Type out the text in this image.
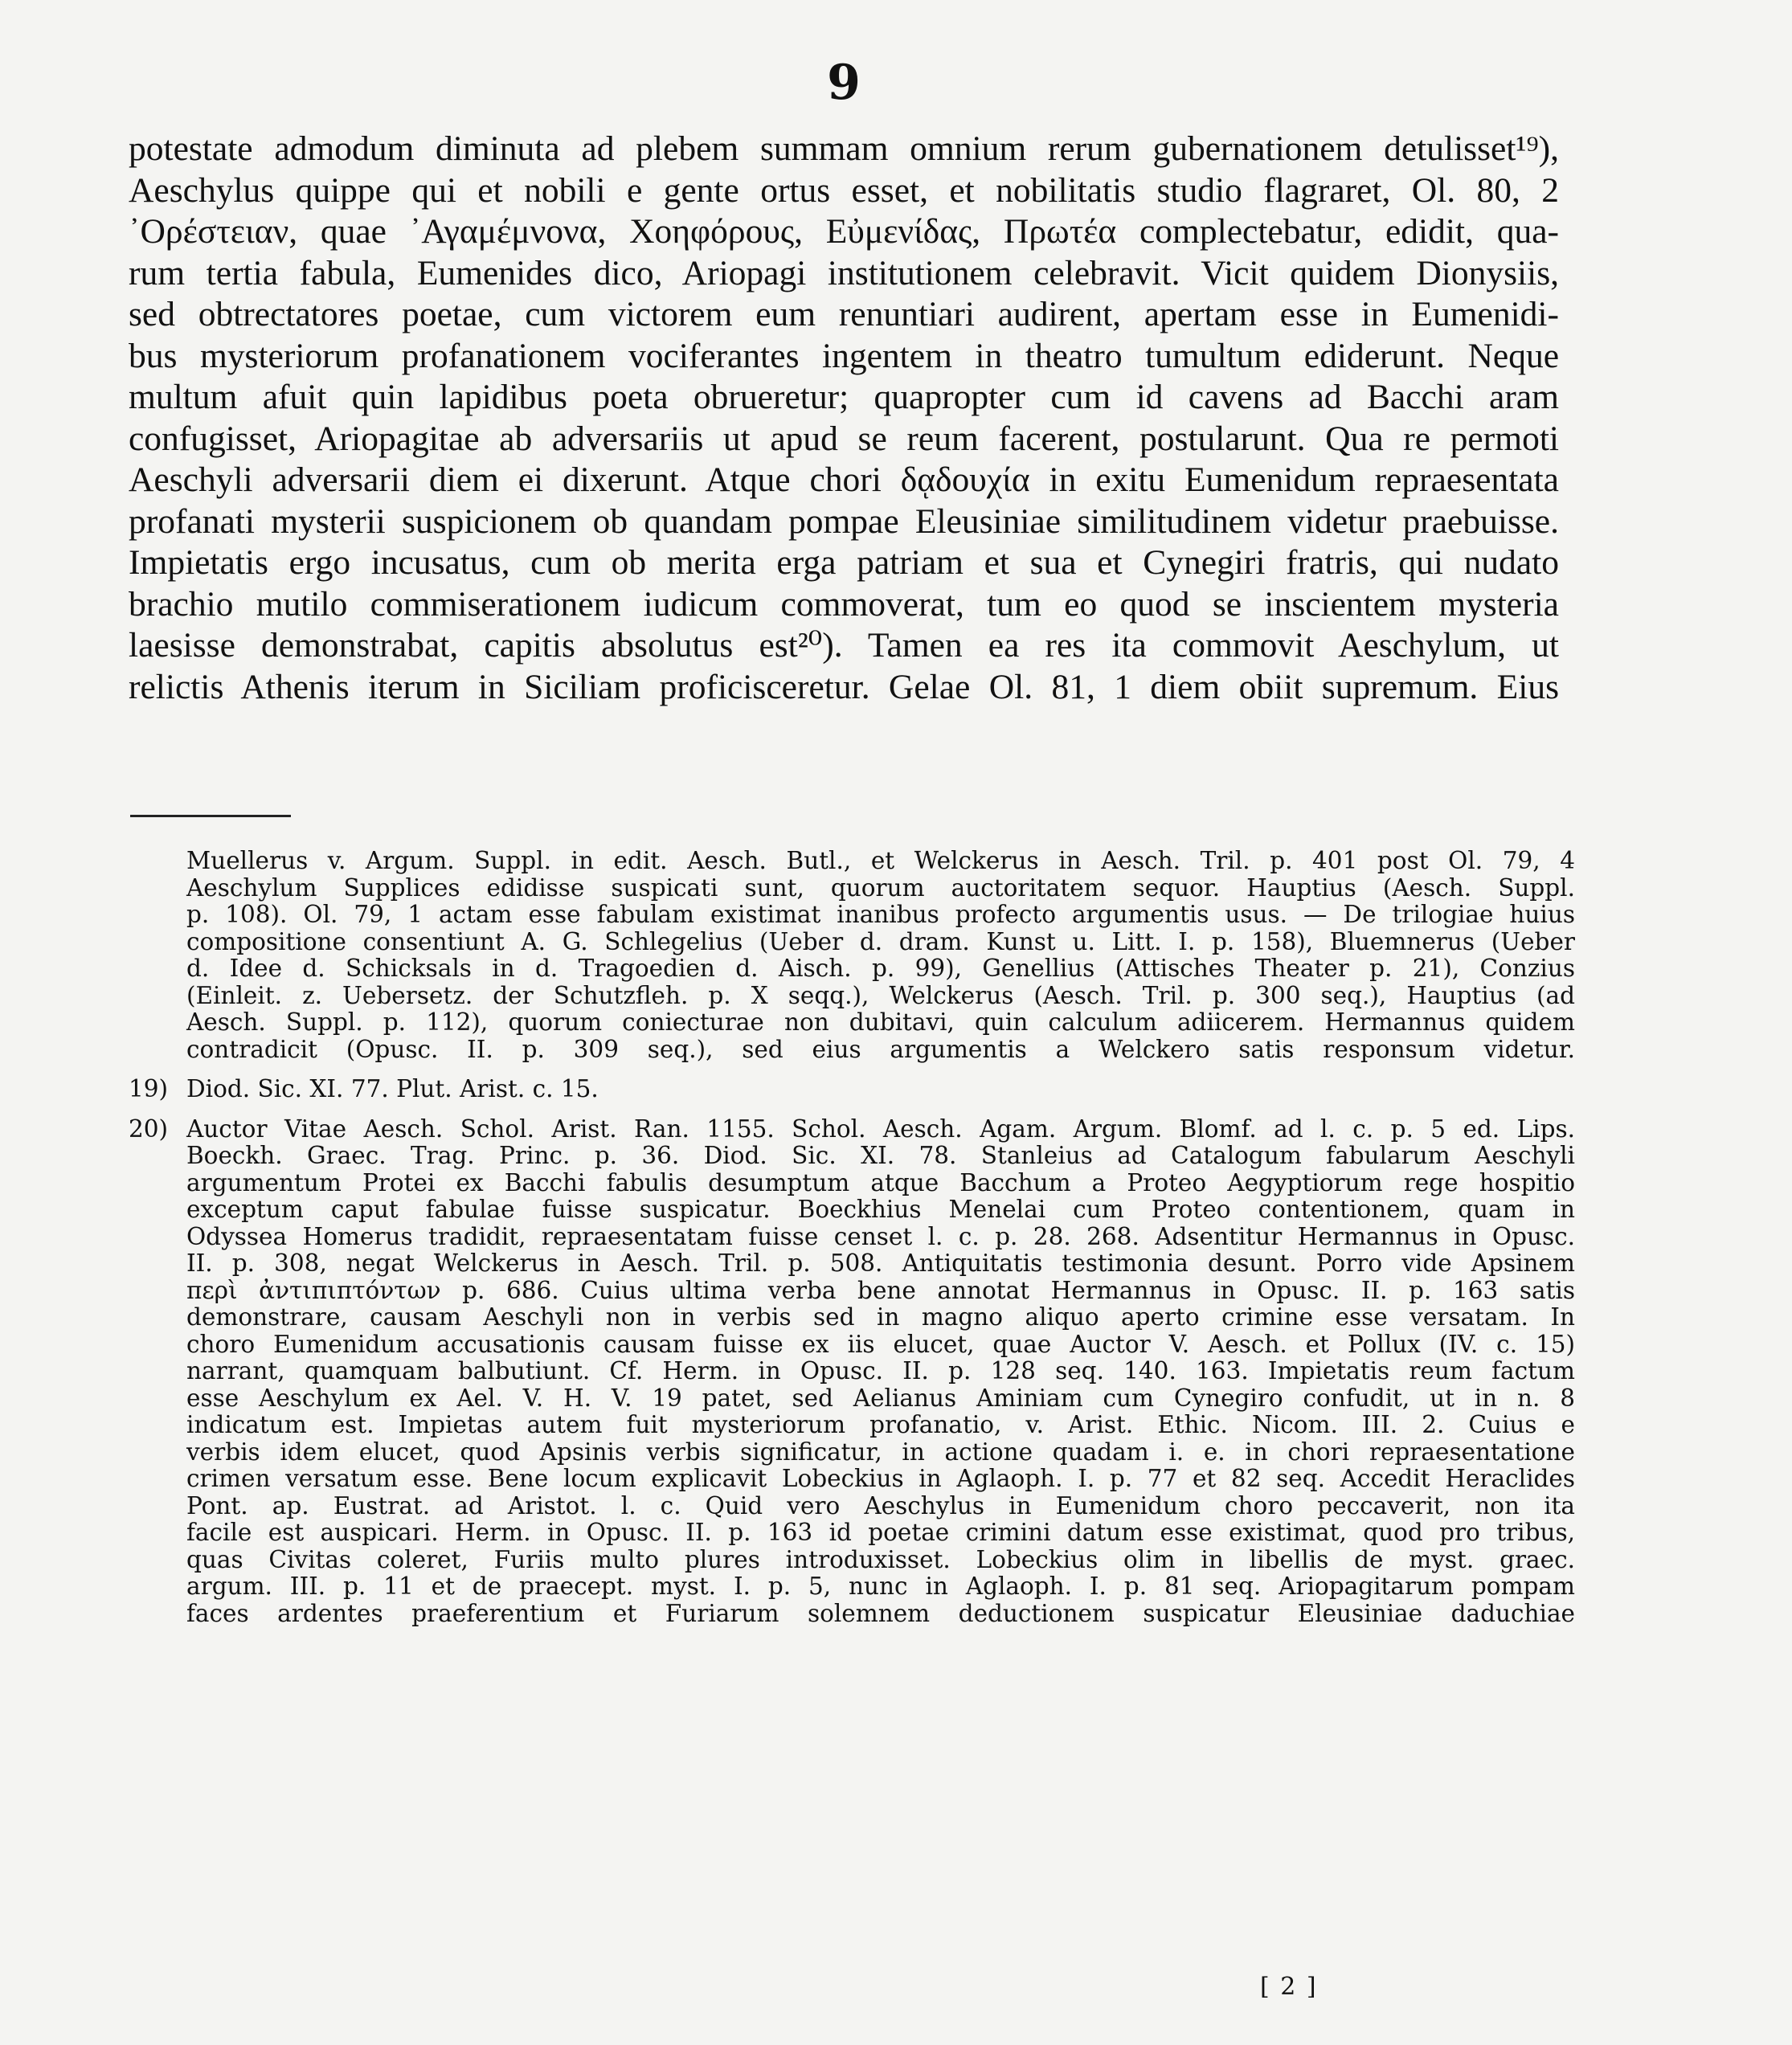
9
potestate admodum diminuta ad plebem summam omnium rerum gubernationem detulisset¹⁹),
Aeschylus quippe qui et nobili e gente ortus esset, et nobilitatis studio flagraret, Ol. 80, 2
᾿Ορέστειαν, quae ᾿Αγαμέμνονα, Χοηφόρους, Εὐμενίδας, Πρωτέα complectebatur, edidit, qua-
rum tertia fabula, Eumenides dico, Ariopagi institutionem celebravit. Vicit quidem Dionysiis,
sed obtrectatores poetae, cum victorem eum renuntiari audirent, apertam esse in Eumenidi-
bus mysteriorum profanationem vociferantes ingentem in theatro tumultum ediderunt. Neque
multum afuit quin lapidibus poeta obrueretur; quapropter cum id cavens ad Bacchi aram
confugisset, Ariopagitae ab adversariis ut apud se reum facerent, postularunt. Qua re permoti
Aeschyli adversarii diem ei dixerunt. Atque chori δᾳδουχία in exitu Eumenidum repraesentata
profanati mysterii suspicionem ob quandam pompae Eleusiniae similitudinem videtur praebuisse.
Impietatis ergo incusatus, cum ob merita erga patriam et sua et Cynegiri fratris, qui nudato
brachio mutilo commiserationem iudicum commoverat, tum eo quod se inscientem mysteria
laesisse demonstrabat, capitis absolutus est²⁰). Tamen ea res ita commovit Aeschylum, ut
relictis Athenis iterum in Siciliam proficisceretur. Gelae Ol. 81, 1 diem obiit supremum. Eius
Muellerus v. Argum. Suppl. in edit. Aesch. Butl., et Welckerus in Aesch. Tril. p. 401 post Ol. 79, 4
Aeschylum Supplices edidisse suspicati sunt, quorum auctoritatem sequor. Hauptius (Aesch. Suppl.
p. 108). Ol. 79, 1 actam esse fabulam existimat inanibus profecto argumentis usus. — De trilogiae huius
compositione consentiunt A. G. Schlegelius (Ueber d. dram. Kunst u. Litt. I. p. 158), Bluemnerus (Ueber
d. Idee d. Schicksals in d. Tragoedien d. Aisch. p. 99), Genellius (Attisches Theater p. 21), Conzius
(Einleit. z. Uebersetz. der Schutzfleh. p. X seqq.), Welckerus (Aesch. Tril. p. 300 seq.), Hauptius (ad
Aesch. Suppl. p. 112), quorum coniecturae non dubitavi, quin calculum adiicerem. Hermannus quidem
contradicit (Opusc. II. p. 309 seq.), sed eius argumentis a Welckero satis responsum videtur.
19) Diod. Sic. XI. 77. Plut. Arist. c. 15.
20) Auctor Vitae Aesch. Schol. Arist. Ran. 1155. Schol. Aesch. Agam. Argum. Blomf. ad l. c. p. 5 ed. Lips.
Boeckh. Graec. Trag. Princ. p. 36. Diod. Sic. XI. 78. Stanleius ad Catalogum fabularum Aeschyli
argumentum Protei ex Bacchi fabulis desumptum atque Bacchum a Proteo Aegyptiorum rege hospitio
exceptum caput fabulae fuisse suspicatur. Boeckhius Menelai cum Proteo contentionem, quam in
Odyssea Homerus tradidit, repraesentatam fuisse censet l. c. p. 28. 268. Adsentitur Hermannus in Opusc.
II. p. 308, negat Welckerus in Aesch. Tril. p. 508. Antiquitatis testimonia desunt. Porro vide Apsinem
περὶ ἀντιπιπτόντων p. 686. Cuius ultima verba bene annotat Hermannus in Opusc. II. p. 163 satis
demonstrare, causam Aeschyli non in verbis sed in magno aliquo aperto crimine esse versatam. In
choro Eumenidum accusationis causam fuisse ex iis elucet, quae Auctor V. Aesch. et Pollux (IV. c. 15)
narrant, quamquam balbutiunt. Cf. Herm. in Opusc. II. p. 128 seq. 140. 163. Impietatis reum factum
esse Aeschylum ex Ael. V. H. V. 19 patet, sed Aelianus Aminiam cum Cynegiro confudit, ut in n. 8
indicatum est. Impietas autem fuit mysteriorum profanatio, v. Arist. Ethic. Nicom. III. 2. Cuius e
verbis idem elucet, quod Apsinis verbis significatur, in actione quadam i. e. in chori repraesentatione
crimen versatum esse. Bene locum explicavit Lobeckius in Aglaoph. I. p. 77 et 82 seq. Accedit Heraclides
Pont. ap. Eustrat. ad Aristot. l. c. Quid vero Aeschylus in Eumenidum choro peccaverit, non ita
facile est auspicari. Herm. in Opusc. II. p. 163 id poetae crimini datum esse existimat, quod pro tribus,
quas Civitas coleret, Furiis multo plures introduxisset. Lobeckius olim in libellis de myst. graec.
argum. III. p. 11 et de praecept. myst. I. p. 5, nunc in Aglaoph. I. p. 81 seq. Ariopagitarum pompam
faces ardentes praeferentium et Furiarum solemnem deductionem suspicatur Eleusiniae daduchiae
[ 2 ]
